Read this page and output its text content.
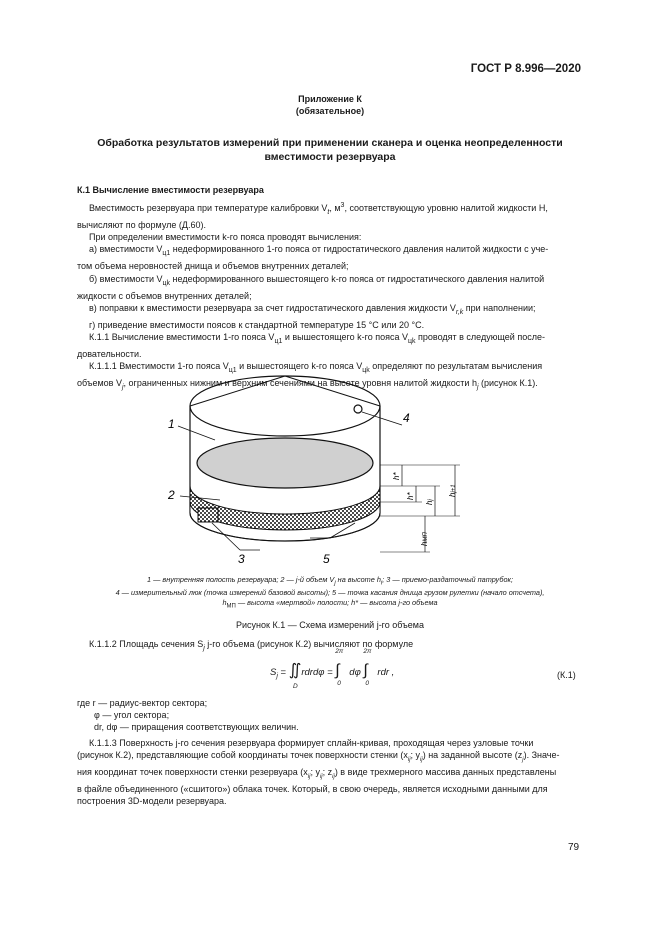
ГОСТ Р 8.996—2020
Приложение К
(обязательное)
Обработка результатов измерений при применении сканера и оценка неопределенности
вместимости резервуара
К.1 Вычисление вместимости резервуара

Вместимость резервуара при температуре калибровки $V_t$, $м^3$, соответствующую уровню налитой жидкости H,

вычисляют по формуле (Д.60).

При определении вместимости k-го пояса проводят вычисления:

а) вместимости $V_{ц1}$ недеформированного 1-го пояса от гидростатического давления налитой жидкости с уче-

том объема неровностей днища и объемов внутренних деталей;

б) вместимости $V_{цk}$ недеформированного вышестоящего k-го пояса от гидростатического давления налитой

жидкости с объемов внутренних деталей;

в) поправки к вместимости резервуара за счет гидростатического давления жидкости $V_{r,k}$ при наполнении;

г) приведение вместимости поясов к стандартной температуре 15 °С или 20 °С.

К.1.1 Вычисление вместимости 1-го пояса $V_{ц1}$ и вышестоящего k-го пояса $V_{цk}$ проводят в следующей после-

довательности.

К.1.1.1 Вместимости 1-го пояса $V_{ц1}$ и вышестоящего k-го пояса $V_{цk}$ определяют по результатам вычисления

объемов $V_j$, ограниченных нижним и верхним сечениями на высоте уровня налитой жидкости $h_j$ (рисунок К.1).

1
2
3
4
5
h*
h*
hj
hj+1
hМП
1 — внутренняя полость резервуара; 2 — j-й объем $V_j$ на высоте $h_i$; 3 — приемо-раздаточный патрубок;
4 — измерительный люк (точка измерений базовой высоты); 5 — точка касания днища грузом рулетки (начало отсчета),
$h_{МП}$ — высота «мертвой» полости; h* — высота j-го объема
Рисунок К.1 — Схема измерений j-го объема

К.1.1.2 Площадь сечения $S_j$ j-го объема (рисунок К.2) вычисляют по формуле

$S_j$ = ∬rdrdφ =
2π
∫
0
dφ
2π
∫
0
rdr ,
D
(К.1)

где r — радиус-вектор сектора;

φ — угол сектора;

dr, dφ — приращения соответствующих величин.

К.1.1.3 Поверхность j-го сечения резервуара формирует сплайн-кривая, проходящая через узловые точки

(рисунок К.2), представляющие собой координаты точек поверхности стенки ($x_{ij}$; $y_{ij}$) на заданной высоте $(z_j)$. Значе-

ния координат точек поверхности стенки резервуара ($x_{ij}$; $y_{ij}$; $z_{ij}$) в виде трехмерного массива данных представлены

в файле объединенного («сшитого») облака точек. Который, в свою очередь, является исходными данными для

построения 3D-модели резервуара.

79
